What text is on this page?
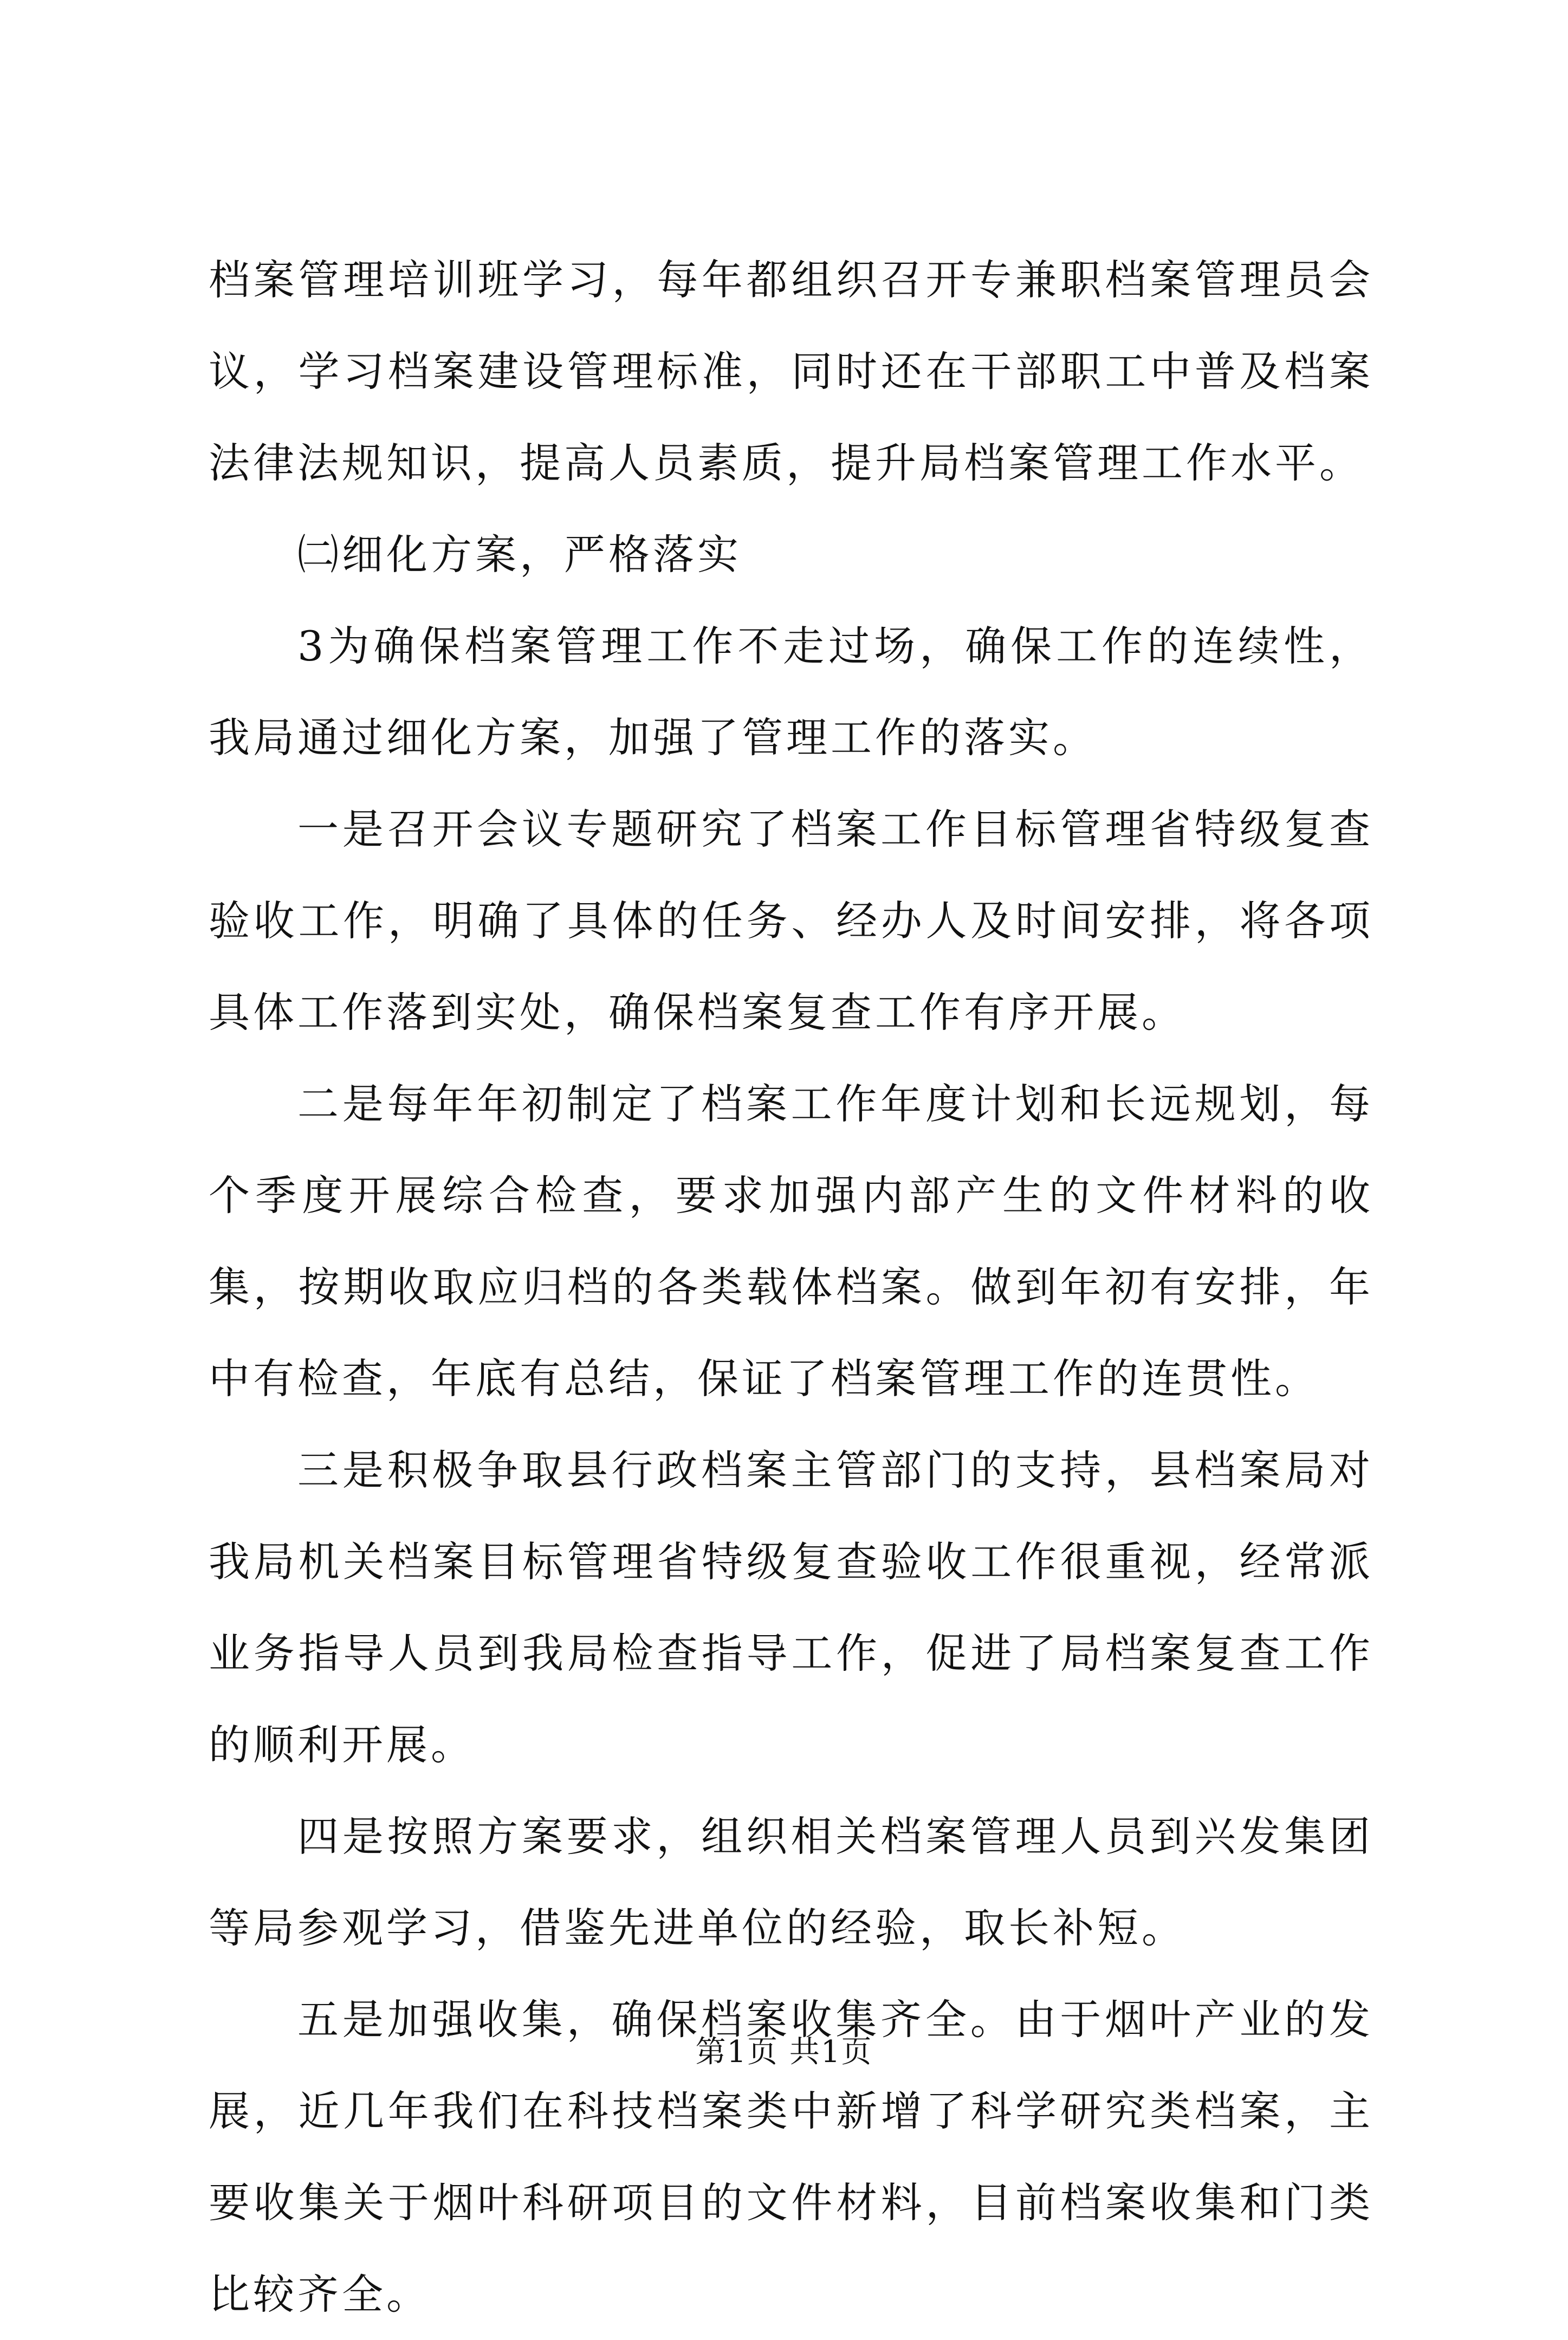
档案管理培训班学习，每年都组织召开专兼职档案管理员会议，学习档案建设管理标准，同时还在干部职工中普及档案法律法规知识，提高人员素质，提升局档案管理工作水平。

㈡细化方案，严格落实

3为确保档案管理工作不走过场，确保工作的连续性，我局通过细化方案，加强了管理工作的落实。

一是召开会议专题研究了档案工作目标管理省特级复查验收工作，明确了具体的任务、经办人及时间安排，将各项具体工作落到实处，确保档案复查工作有序开展。

二是每年年初制定了档案工作年度计划和长远规划，每个季度开展综合检查，要求加强内部产生的文件材料的收集，按期收取应归档的各类载体档案。做到年初有安排，年中有检查，年底有总结，保证了档案管理工作的连贯性。

三是积极争取县行政档案主管部门的支持，县档案局对我局机关档案目标管理省特级复查验收工作很重视，经常派业务指导人员到我局检查指导工作，促进了局档案复查工作的顺利开展。

四是按照方案要求，组织相关档案管理人员到兴发集团等局参观学习，借鉴先进单位的经验，取长补短。

五是加强收集，确保档案收集齐全。由于烟叶产业的发展，近几年我们在科技档案类中新增了科学研究类档案，主要收集关于烟叶科研项目的文件材料，目前档案收集和门类比较齐全。

第1页 共1页
